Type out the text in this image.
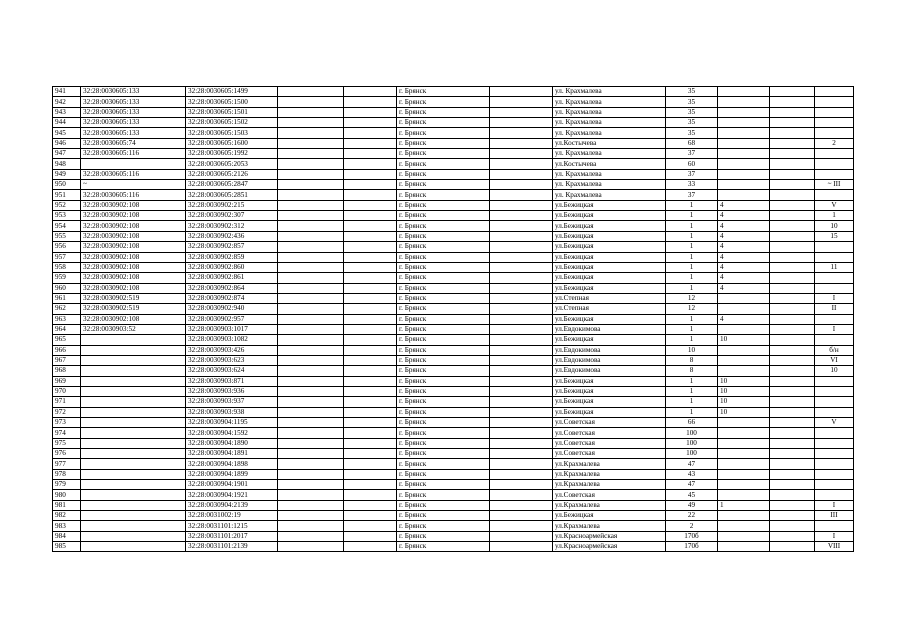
941	32:28:0030605:133	32:28:0030605:1499			г. Брянск		ул. Крахмалева	35			
942	32:28:0030605:133	32:28:0030605:1500			г. Брянск		ул. Крахмалева	35			
943	32:28:0030605:133	32:28:0030605:1501			г. Брянск		ул. Крахмалева	35			
944	32:28:0030605:133	32:28:0030605:1502			г. Брянск		ул. Крахмалева	35			
945	32:28:0030605:133	32:28:0030605:1503			г. Брянск		ул. Крахмалева	35			
946	32:28:0030605:74	32:28:0030605:1600			г. Брянск		ул.Костычева	68			2
947	32:28:0030605:116	32:28:0030605:1992			г. Брянск		ул. Крахмалева	37			
948		32:28:0030605:2053			г. Брянск		ул.Костычева	60			
949	32:28:0030605:116	32:28:0030605:2126			г. Брянск		ул. Крахмалева	37			
950	~	32:28:0030605:2847			г. Брянск		ул. Крахмалева	33			~ III
951	32:28:0030605:116	32:28:0030605:2851			г. Брянск		ул. Крахмалева	37			
952	32:28:0030902:108	32:28:0030902:215			г. Брянск		ул.Бежицкая	1	4		V
953	32:28:0030902:108	32:28:0030902:307			г. Брянск		ул.Бежицкая	1	4		1
954	32:28:0030902:108	32:28:0030902:312			г. Брянск		ул.Бежицкая	1	4		10
955	32:28:0030902:108	32:28:0030902:436			г. Брянск		ул.Бежицкая	1	4		15
956	32:28:0030902:108	32:28:0030902:857			г. Брянск		ул.Бежицкая	1	4		
957	32:28:0030902:108	32:28:0030902:859			г. Брянск		ул.Бежицкая	1	4		
958	32:28:0030902:108	32:28:0030902:860			г. Брянск		ул.Бежицкая	1	4		11
959	32:28:0030902:108	32:28:0030902:861			г. Брянск		ул.Бежицкая	1	4		
960	32:28:0030902:108	32:28:0030902:864			г. Брянск		ул.Бежицкая	1	4		
961	32:28:0030902:519	32:28:0030902:874			г. Брянск		ул.Степная	12			I
962	32:28:0030902:519	32:28:0030902:940			г. Брянск		ул.Степная	12			II
963	32:28:0030902:108	32:28:0030902:957			г. Брянск		ул.Бежицкая	1	4		
964	32:28:0030903:52	32:28:0030903:1017			г. Брянск		ул.Евдокимова	1			I
965		32:28:0030903:1082			г. Брянск		ул.Бежицкая	1	10		
966		32:28:0030903:426			г. Брянск		ул.Евдокимова	10			б/н
967		32:28:0030903:623			г. Брянск		ул.Евдокимова	8			VI
968		32:28:0030903:624			г. Брянск		ул.Евдокимова	8			10
969		32:28:0030903:871			г. Брянск		ул.Бежицкая	1	10		
970		32:28:0030903:936			г. Брянск		ул.Бежицкая	1	10		
971		32:28:0030903:937			г. Брянск		ул.Бежицкая	1	10		
972		32:28:0030903:938			г. Брянск		ул.Бежицкая	1	10		
973		32:28:0030904:1195			г. Брянск		ул.Советская	66			V
974		32:28:0030904:1592			г. Брянск		ул.Советская	100			
975		32:28:0030904:1890			г. Брянск		ул.Советская	100			
976		32:28:0030904:1891			г. Брянск		ул.Советская	100			
977		32:28:0030904:1898			г. Брянск		ул.Крахмалева	47			
978		32:28:0030904:1899			г. Брянск		ул.Крахмалева	43			
979		32:28:0030904:1901			г. Брянск		ул.Крахмалева	47			
980		32:28:0030904:1921			г. Брянск		ул.Советская	45			
981		32:28:0030904:2139			г. Брянск		ул.Крахмалева	49	1		I
982		32:28:0031002:19			г. Брянск		ул.Бежицкая	22			III
983		32:28:0031101:1215			г. Брянск		ул.Крахмалева	2			
984		32:28:0031101:2017			г. Брянск		ул.Красноармейская	170б			I
985		32:28:0031101:2139			г. Брянск		ул.Красноармейская	170б			VIII
